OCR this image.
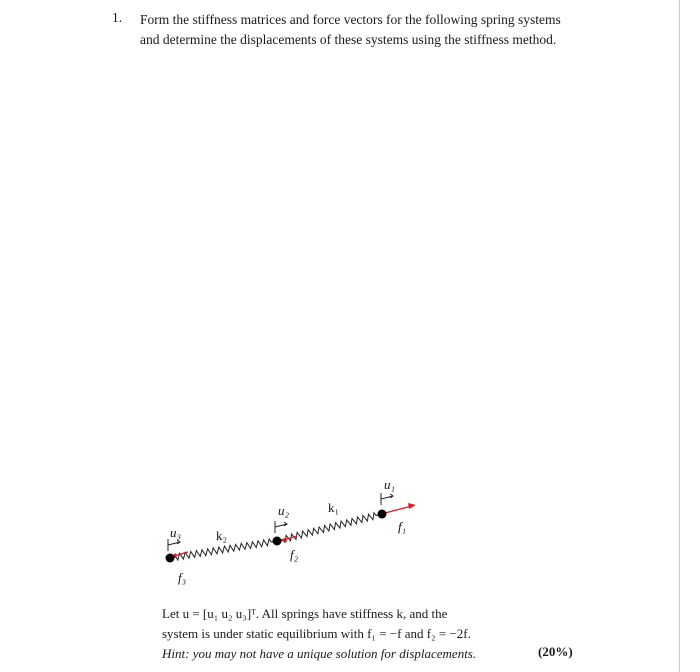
1. Form the stiffness matrices and force vectors for the following spring systems
and determine the displacements of these systems using the stiffness method.
u₃	k₂
u₂	k₁
u₁
f₁
f₂
f₃
Let u = [u₁ u₂ u₃]ᵀ. All springs have stiffness k, and the
system is under static equilibrium with f₁ = −f and f₂ = −2f.
Hint: you may not have a unique solution for displacements.	(20%)
